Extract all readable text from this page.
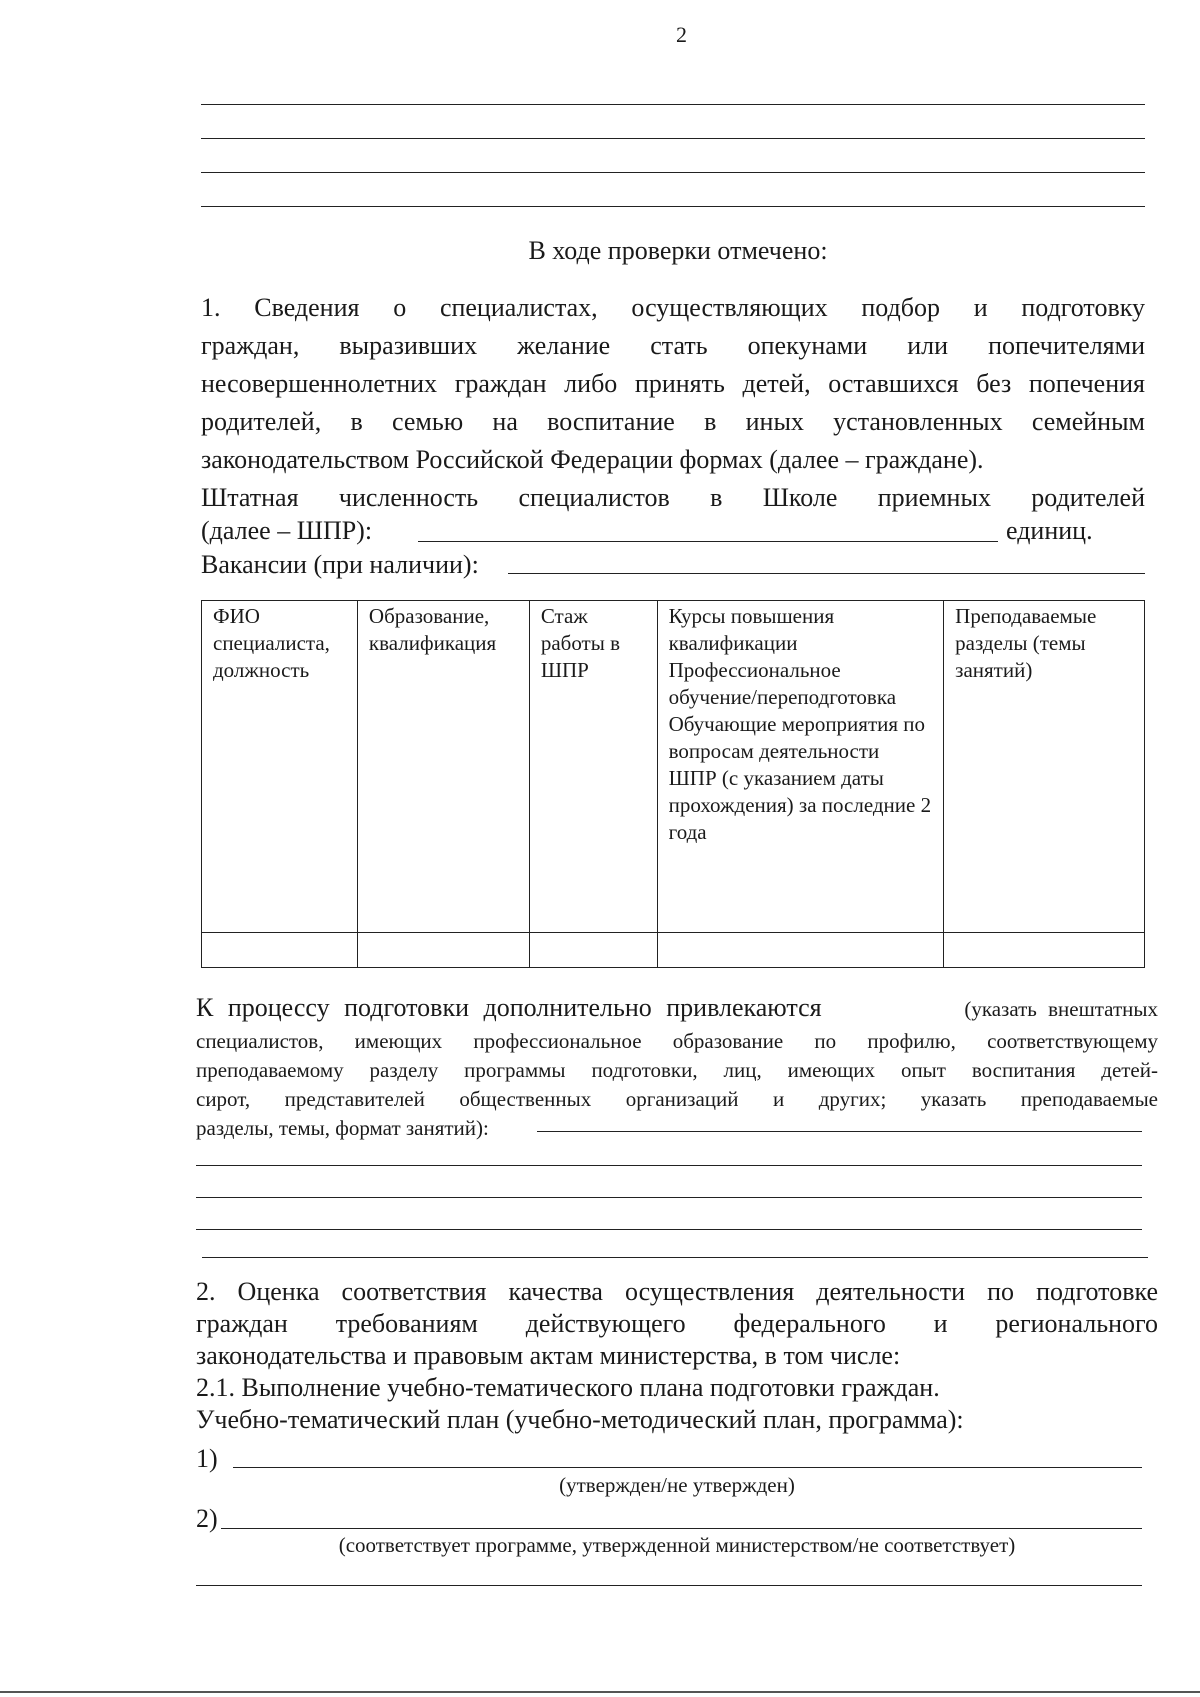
2
В ходе проверки отмечено:
1. Сведения о специалистах, осуществляющих подбор и подготовку
граждан, выразивших желание стать опекунами или попечителями
несовершеннолетних граждан либо принять детей, оставшихся без попечения
родителей, в семью на воспитание в иных установленных семейным
законодательством Российской Федерации формах (далее – граждане).
Штатная численность специалистов в Школе приемных родителей
(далее – ШПР):	единиц.
Вакансии (при наличии):
ФИО специалиста, должность	Образование, квалификация	Стаж работы в ШПР	Курсы повышения квалификации Профессиональное обучение/переподготовка Обучающие мероприятия по вопросам деятельности ШПР (с указанием даты прохождения) за последние 2 года	Преподаваемые разделы (темы занятий)

К процессу подготовки дополнительно привлекаются	(указать внештатных
специалистов, имеющих профессиональное образование по профилю, соответствующему
преподаваемому разделу программы подготовки, лиц, имеющих опыт воспитания детей-
сирот, представителей общественных организаций и других; указать преподаваемые
разделы, темы, формат занятий):
2. Оценка соответствия качества осуществления деятельности по подготовке
граждан требованиям действующего федерального и регионального
законодательства и правовым актам министерства, в том числе:
2.1. Выполнение учебно-тематического плана подготовки граждан.
Учебно-тематический план (учебно-методический план, программа):
1)
(утвержден/не утвержден)
2)
(соответствует программе, утвержденной министерством/не соответствует)
